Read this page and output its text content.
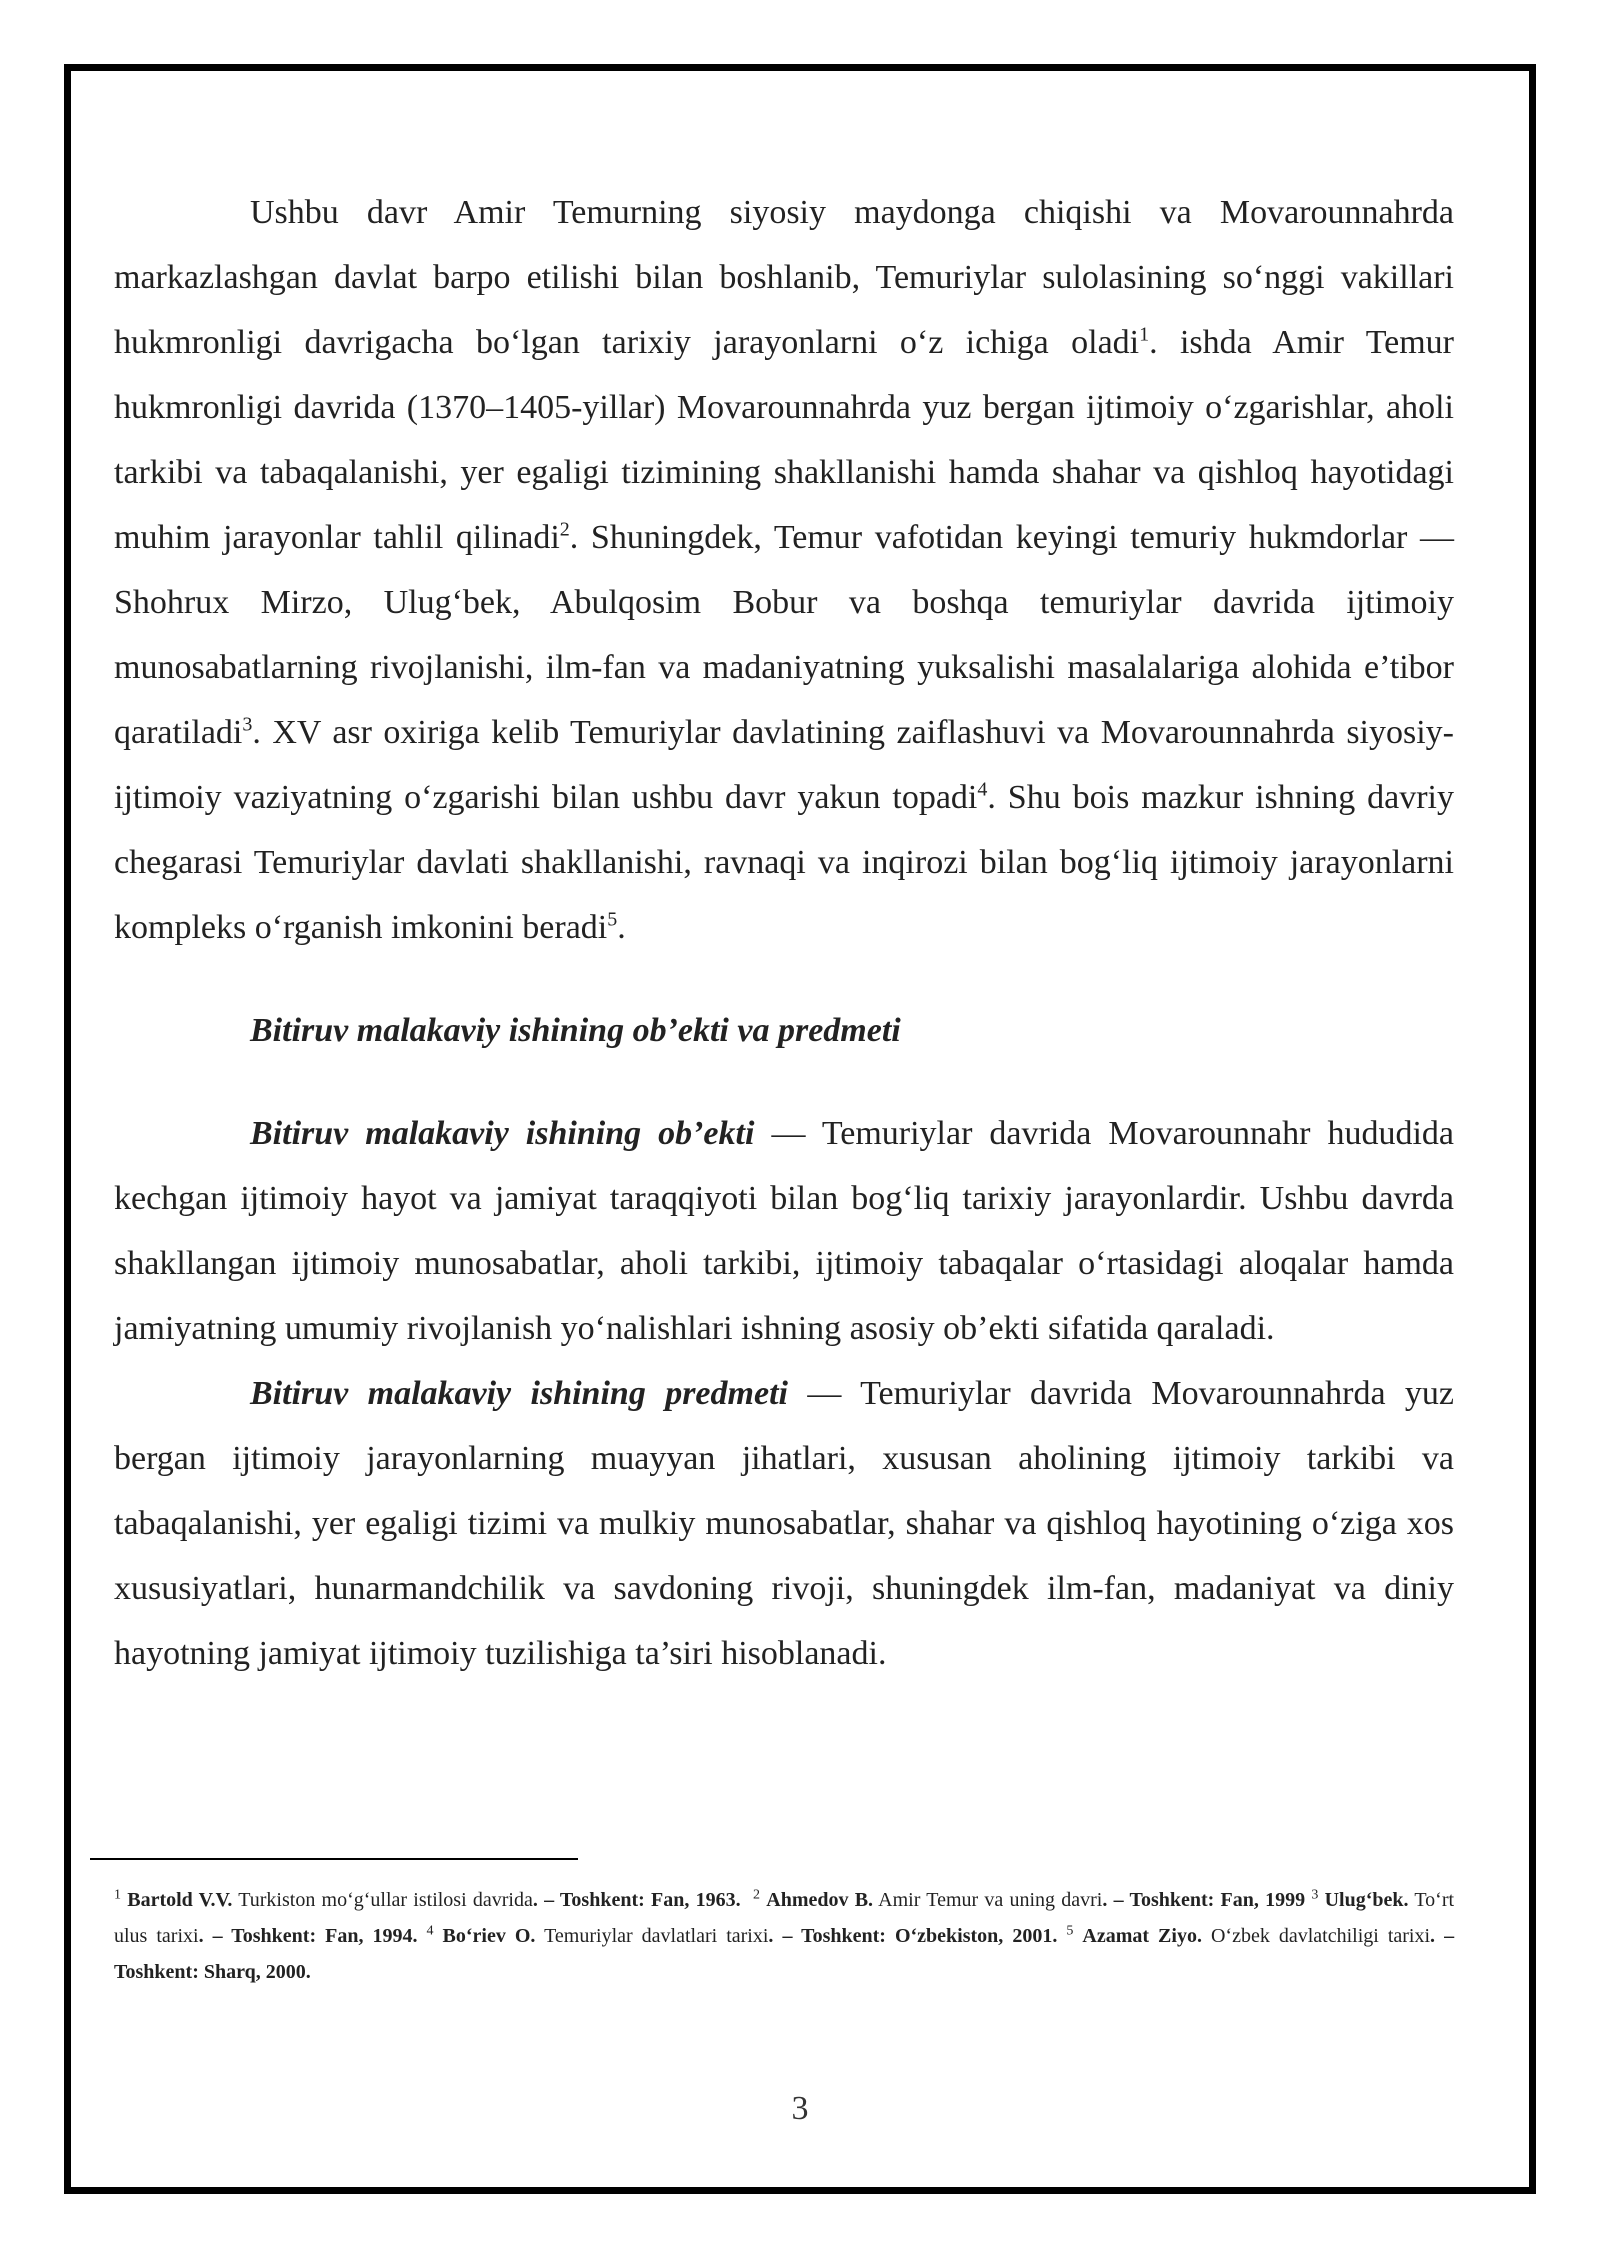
Ushbu davr Amir Temurning siyosiy maydonga chiqishi va Movarounnahrda markazlashgan davlat barpo etilishi bilan boshlanib, Temuriylar sulolasining so‘nggi vakillari hukmronligi davrigacha bo‘lgan tarixiy jarayonlarni o‘z ichiga oladi$^1$. ishda Amir Temur hukmronligi davrida (1370–1405-yillar) Movarounnahrda yuz bergan ijtimoiy o‘zgarishlar, aholi tarkibi va tabaqalanishi, yer egaligi tizimining shakllanishi hamda shahar va qishloq hayotidagi muhim jarayonlar tahlil qilinadi$^2$. Shuningdek, Temur vafotidan keyingi temuriy hukmdorlar — Shohrux Mirzo, Ulug‘bek, Abulqosim Bobur va boshqa temuriylar davrida ijtimoiy munosabatlarning rivojlanishi, ilm-fan va madaniyatning yuksalishi masalalariga alohida e’tibor qaratiladi$^3$. XV asr oxiriga kelib Temuriylar davlatining zaiflashuvi va Movarounnahrda siyosiy-ijtimoiy vaziyatning o‘zgarishi bilan ushbu davr yakun topadi$^4$. Shu bois mazkur ishning davriy chegarasi Temuriylar davlati shakllanishi, ravnaqi va inqirozi bilan bog‘liq ijtimoiy jarayonlarni kompleks o‘rganish imkonini beradi$^5$.

Bitiruv malakaviy ishining ob’ekti va predmeti

Bitiruv malakaviy ishining ob’ekti — Temuriylar davrida Movarounnahr hududida kechgan ijtimoiy hayot va jamiyat taraqqiyoti bilan bog‘liq tarixiy jarayonlardir. Ushbu davrda shakllangan ijtimoiy munosabatlar, aholi tarkibi, ijtimoiy tabaqalar o‘rtasidagi aloqalar hamda jamiyatning umumiy rivojlanish yo‘nalishlari ishning asosiy ob’ekti sifatida qaraladi.

Bitiruv malakaviy ishining predmeti — Temuriylar davrida Movarounnahrda yuz bergan ijtimoiy jarayonlarning muayyan jihatlari, xususan aholining ijtimoiy tarkibi va tabaqalanishi, yer egaligi tizimi va mulkiy munosabatlar, shahar va qishloq hayotining o‘ziga xos xususiyatlari, hunarmandchilik va savdoning rivoji, shuningdek ilm-fan, madaniyat va diniy hayotning jamiyat ijtimoiy tuzilishiga ta’siri hisoblanadi.

$^1$ Bartold V.V. Turkiston mo‘g‘ullar istilosi davrida. – Toshkent: Fan, 1963. $^2$ Ahmedov B. Amir Temur va uning davri. – Toshkent: Fan, 1999 $^3$ Ulug‘bek. To‘rt ulus tarixi. – Toshkent: Fan, 1994. $^4$ Bo‘riev O. Temuriylar davlatlari tarixi. – Toshkent: O‘zbekiston, 2001. $^5$ Azamat Ziyo. O‘zbek davlatchiligi tarixi. – Toshkent: Sharq, 2000.
3
